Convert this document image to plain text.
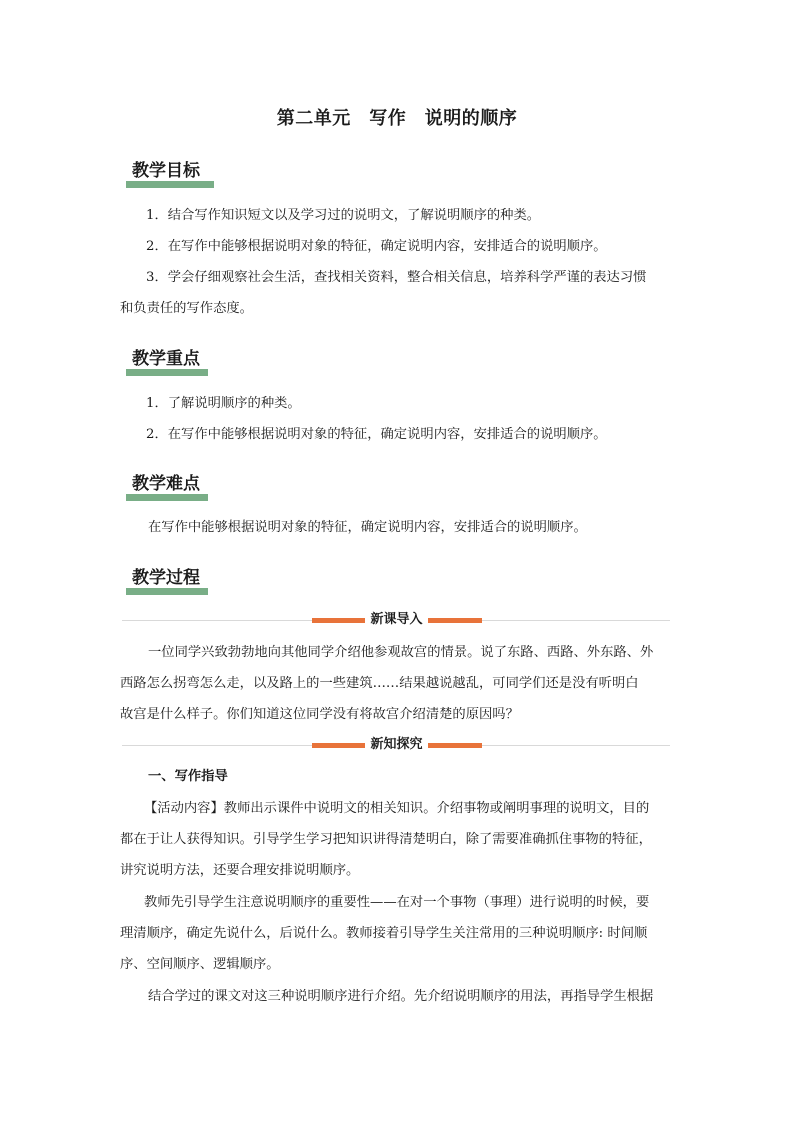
第二单元　写作　说明的顺序
教学目标
1．结合写作知识短文以及学习过的说明文，了解说明顺序的种类。
2．在写作中能够根据说明对象的特征，确定说明内容，安排适合的说明顺序。
3．学会仔细观察社会生活，查找相关资料，整合相关信息，培养科学严谨的表达习惯
和负责任的写作态度。
教学重点
1．了解说明顺序的种类。
2．在写作中能够根据说明对象的特征，确定说明内容，安排适合的说明顺序。
教学难点
在写作中能够根据说明对象的特征，确定说明内容，安排适合的说明顺序。
教学过程
新课导入
一位同学兴致勃勃地向其他同学介绍他参观故宫的情景。说了东路、西路、外东路、外
西路怎么拐弯怎么走，以及路上的一些建筑……结果越说越乱，可同学们还是没有听明白
故宫是什么样子。你们知道这位同学没有将故宫介绍清楚的原因吗？
新知探究
一、写作指导
【活动内容】教师出示课件中说明文的相关知识。介绍事物或阐明事理的说明文，目的
都在于让人获得知识。引导学生学习把知识讲得清楚明白，除了需要准确抓住事物的特征，
讲究说明方法，还要合理安排说明顺序。
教师先引导学生注意说明顺序的重要性——在对一个事物（事理）进行说明的时候，要
理清顺序，确定先说什么，后说什么。教师接着引导学生关注常用的三种说明顺序: 时间顺
序、空间顺序、逻辑顺序。
结合学过的课文对这三种说明顺序进行介绍。先介绍说明顺序的用法，再指导学生根据
